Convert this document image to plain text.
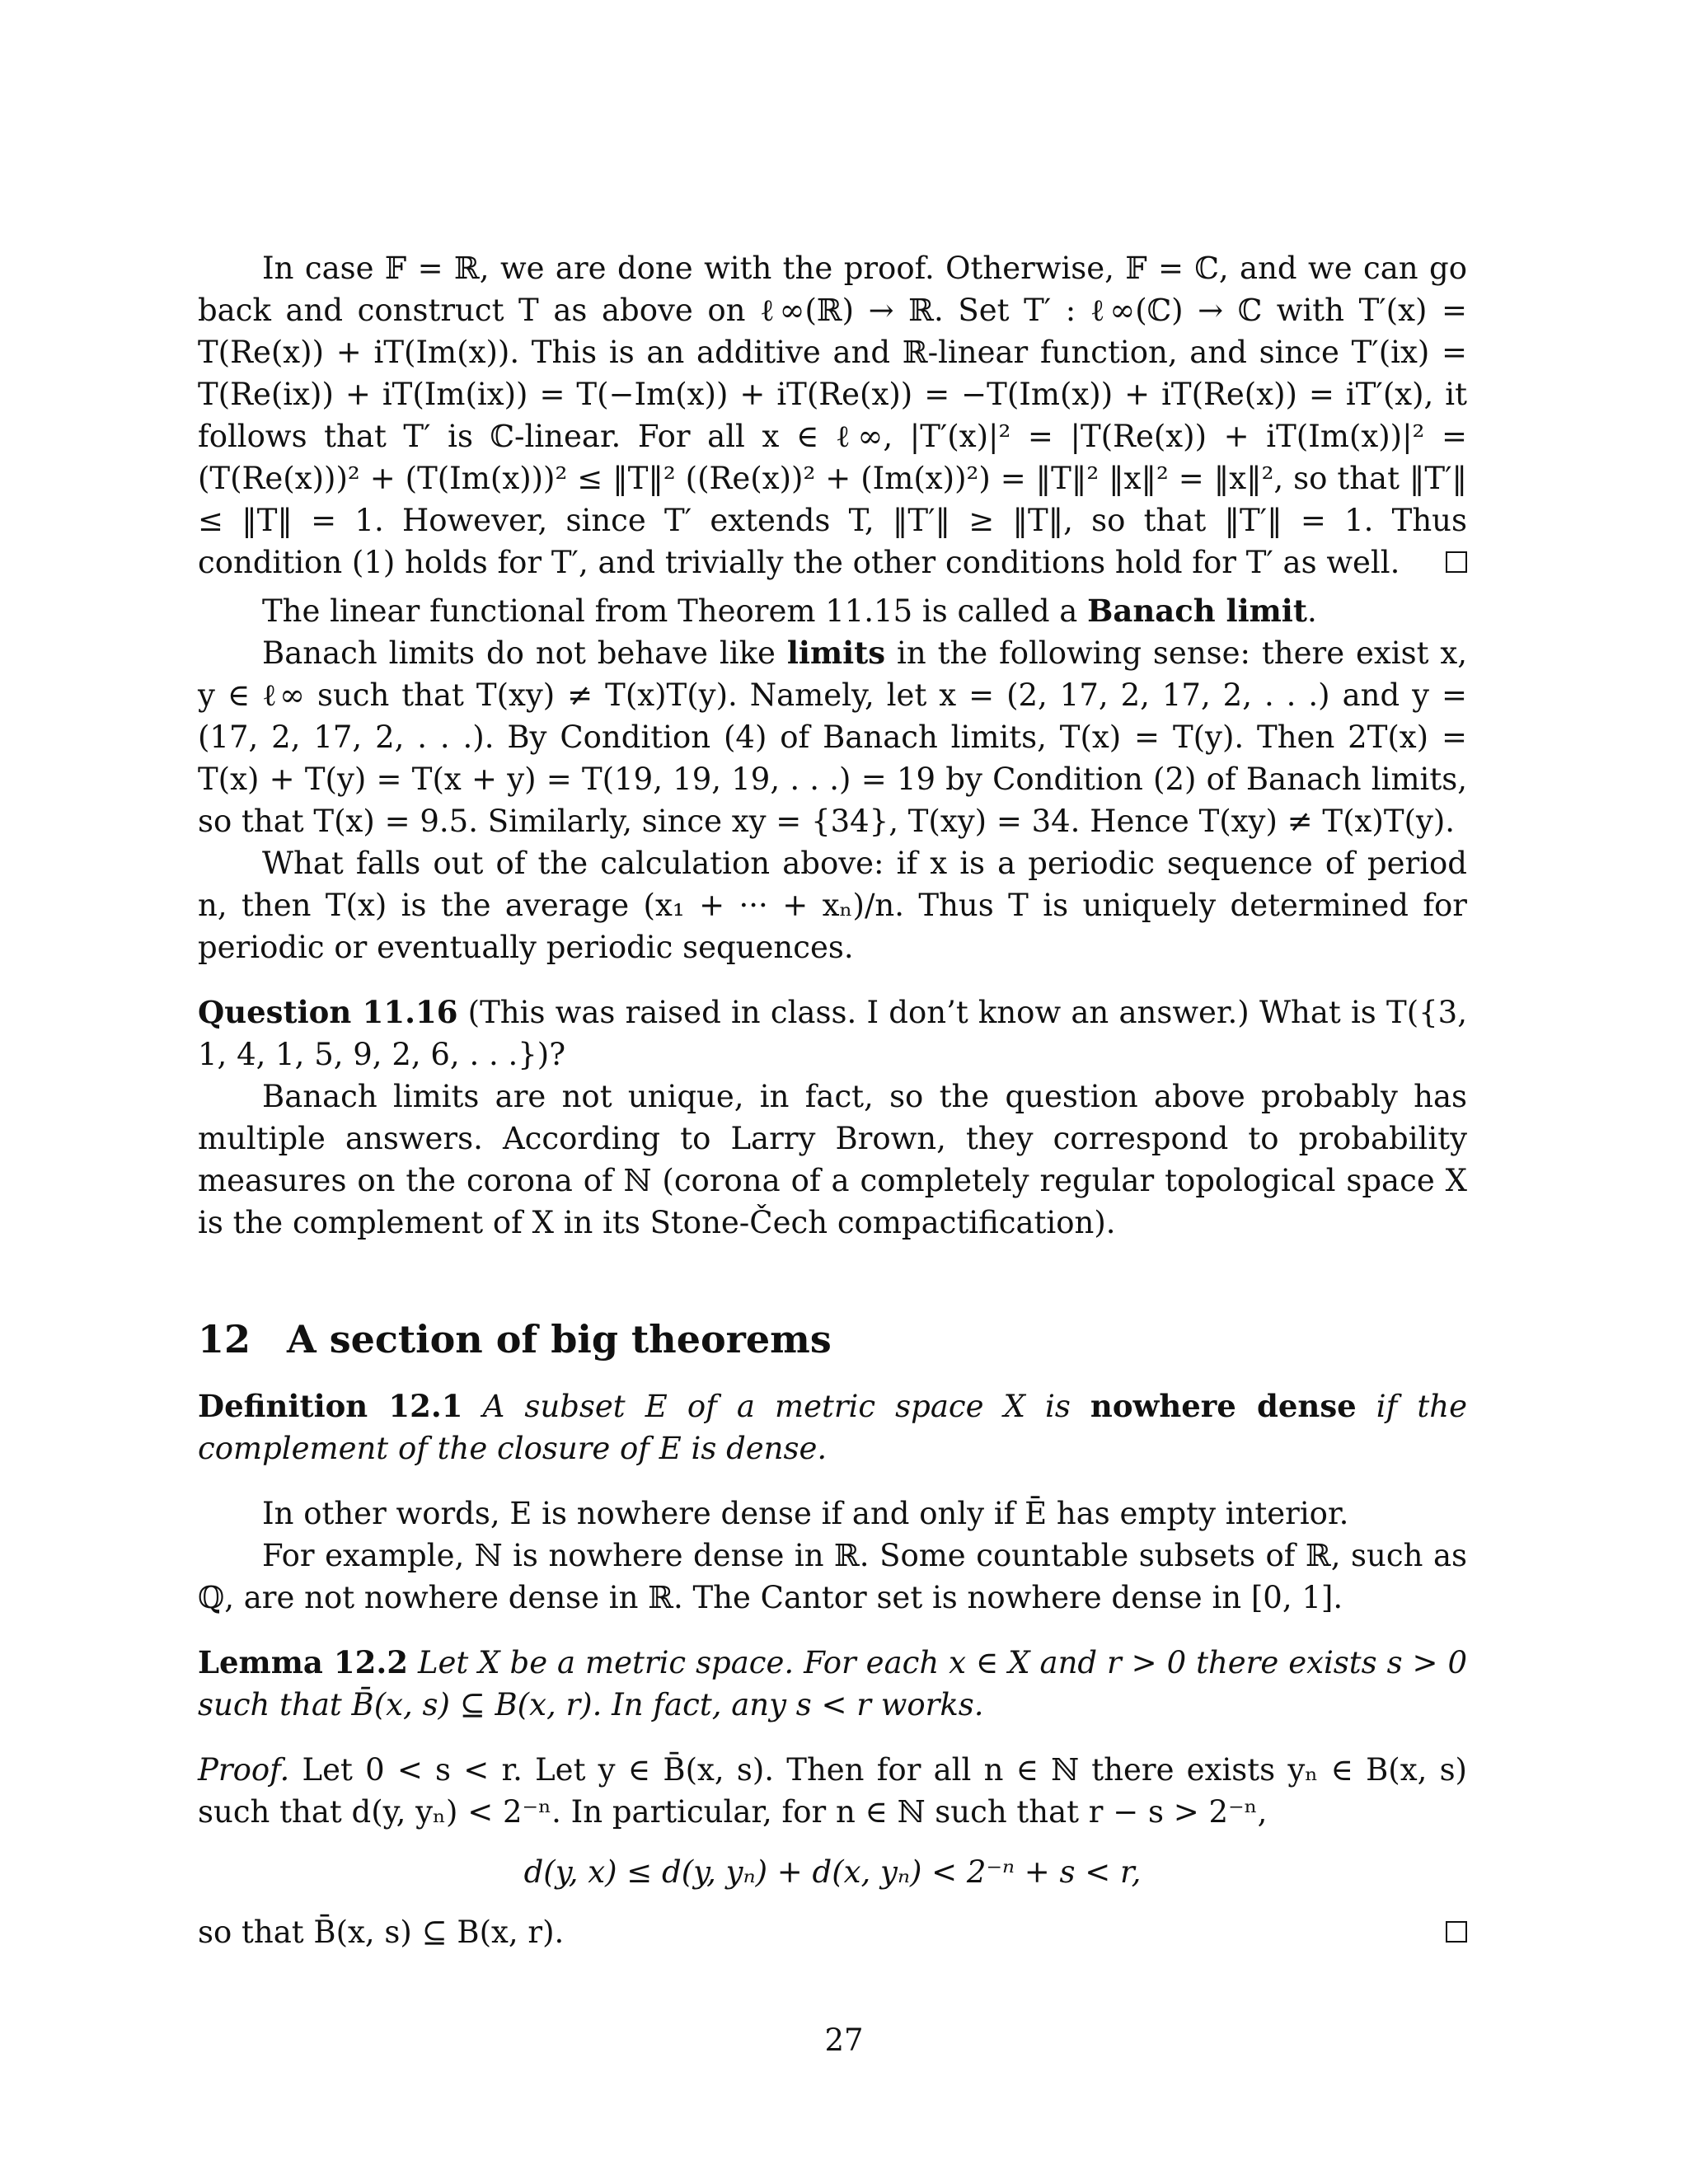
In case 𝔽 = ℝ, we are done with the proof. Otherwise, 𝔽 = ℂ, and we can go back and construct T as above on ℓ∞(ℝ) → ℝ. Set T′ : ℓ∞(ℂ) → ℂ with T′(x) = T(Re(x)) + iT(Im(x)). This is an additive and ℝ-linear function, and since T′(ix) = T(Re(ix)) + iT(Im(ix)) = T(−Im(x)) + iT(Re(x)) = −T(Im(x)) + iT(Re(x)) = iT′(x), it follows that T′ is ℂ-linear. For all x ∈ ℓ∞, |T′(x)|² = |T(Re(x)) + iT(Im(x))|² = (T(Re(x)))² + (T(Im(x)))² ≤ ‖T‖² ((Re(x))² + (Im(x))²) = ‖T‖² ‖x‖² = ‖x‖², so that ‖T′‖ ≤ ‖T‖ = 1. However, since T′ extends T, ‖T′‖ ≥ ‖T‖, so that ‖T′‖ = 1. Thus condition (1) holds for T′, and trivially the other conditions hold for T′ as well.

The linear functional from Theorem 11.15 is called a Banach limit.

Banach limits do not behave like limits in the following sense: there exist x, y ∈ ℓ∞ such that T(xy) ≠ T(x)T(y). Namely, let x = (2, 17, 2, 17, 2, . . .) and y = (17, 2, 17, 2, . . .). By Condition (4) of Banach limits, T(x) = T(y). Then 2T(x) = T(x) + T(y) = T(x + y) = T(19, 19, 19, . . .) = 19 by Condition (2) of Banach limits, so that T(x) = 9.5. Similarly, since xy = {34}, T(xy) = 34. Hence T(xy) ≠ T(x)T(y).

What falls out of the calculation above: if x is a periodic sequence of period n, then T(x) is the average (x₁ + ··· + xₙ)/n. Thus T is uniquely determined for periodic or eventually periodic sequences.

Question 11.16 (This was raised in class. I don’t know an answer.) What is T({3, 1, 4, 1, 5, 9, 2, 6, . . .})?

Banach limits are not unique, in fact, so the question above probably has multiple answers. According to Larry Brown, they correspond to probability measures on the corona of ℕ (corona of a completely regular topological space X is the complement of X in its Stone-Čech compactification).

12 A section of big theorems

Definition 12.1 A subset E of a metric space X is nowhere dense if the complement of the closure of E is dense.

In other words, E is nowhere dense if and only if Ē has empty interior.

For example, ℕ is nowhere dense in ℝ. Some countable subsets of ℝ, such as ℚ, are not nowhere dense in ℝ. The Cantor set is nowhere dense in [0, 1].

Lemma 12.2 Let X be a metric space. For each x ∈ X and r > 0 there exists s > 0 such that B̄(x, s) ⊆ B(x, r). In fact, any s < r works.

Proof. Let 0 < s < r. Let y ∈ B̄(x, s). Then for all n ∈ ℕ there exists yₙ ∈ B(x, s) such that d(y, yₙ) < 2⁻ⁿ. In particular, for n ∈ ℕ such that r − s > 2⁻ⁿ,

d(y, x) ≤ d(y, yₙ) + d(x, yₙ) < 2⁻ⁿ + s < r,

so that B̄(x, s) ⊆ B(x, r).

27
